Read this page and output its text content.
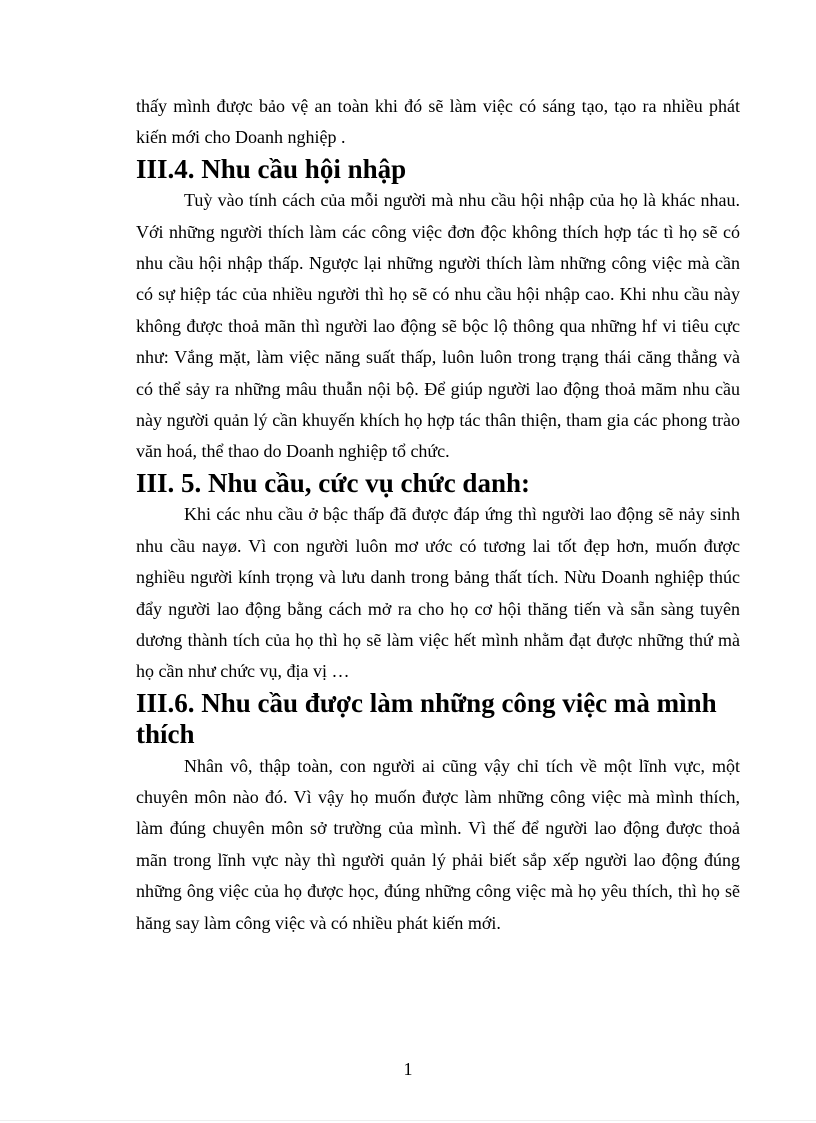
thấy mình được bảo vệ an toàn khi đó sẽ làm việc có sáng tạo, tạo ra nhiều phát kiến mới cho Doanh nghiệp .

III.4. Nhu cầu hội nhập

Tuỳ vào tính cách của mỗi người mà nhu cầu hội nhập của họ là khác nhau. Với những người thích làm các công việc đơn độc không thích hợp tác tì họ sẽ có nhu cầu hội nhập thấp. Ngược lại những người thích làm những công việc mà cần có sự hiệp tác của nhiều người thì họ sẽ có nhu cầu hội nhập cao. Khi nhu cầu này không được thoả mãn thì người lao động sẽ bộc lộ thông qua những hf vi tiêu cực như: Vắng mặt, làm việc năng suất thấp, luôn luôn trong trạng thái căng thẳng và có thể sảy ra những mâu thuẫn nội bộ. Để giúp người lao động thoả mãm nhu cầu này người quản lý cần khuyến khích họ hợp tác thân thiện, tham gia các phong trào văn hoá, thể thao do Doanh nghiệp tổ chức.

III. 5. Nhu cầu, cức vụ chức danh:

Khi các nhu cầu ở bậc thấp đã được đáp ứng thì người lao động sẽ nảy sinh nhu cầu nayø. Vì con người luôn mơ ước có tương lai tốt đẹp hơn, muốn được nghiều người kính trọng và lưu danh trong bảng thất tích. Nừu Doanh nghiệp thúc đẩy người lao động bằng cách mở ra cho họ cơ hội thăng tiến và sẵn sàng tuyên dương thành tích của họ thì họ sẽ làm việc hết mình nhằm đạt được những thứ mà họ cần như chức vụ, địa vị …

III.6. Nhu cầu được làm những công việc mà mình thích

Nhân vô, thập toàn, con người ai cũng vậy chỉ tích về một lĩnh vực, một chuyên môn nào đó. Vì vậy họ muốn được làm những công việc mà mình thích, làm đúng chuyên môn sở trường của mình. Vì thế để người lao động được thoả mãn trong lĩnh vực này thì người quản lý phải biết sắp xếp người lao động đúng những ông việc của họ được học, đúng những công việc mà họ yêu thích, thì họ sẽ hăng say làm công việc và có nhiều phát kiến mới.

1
